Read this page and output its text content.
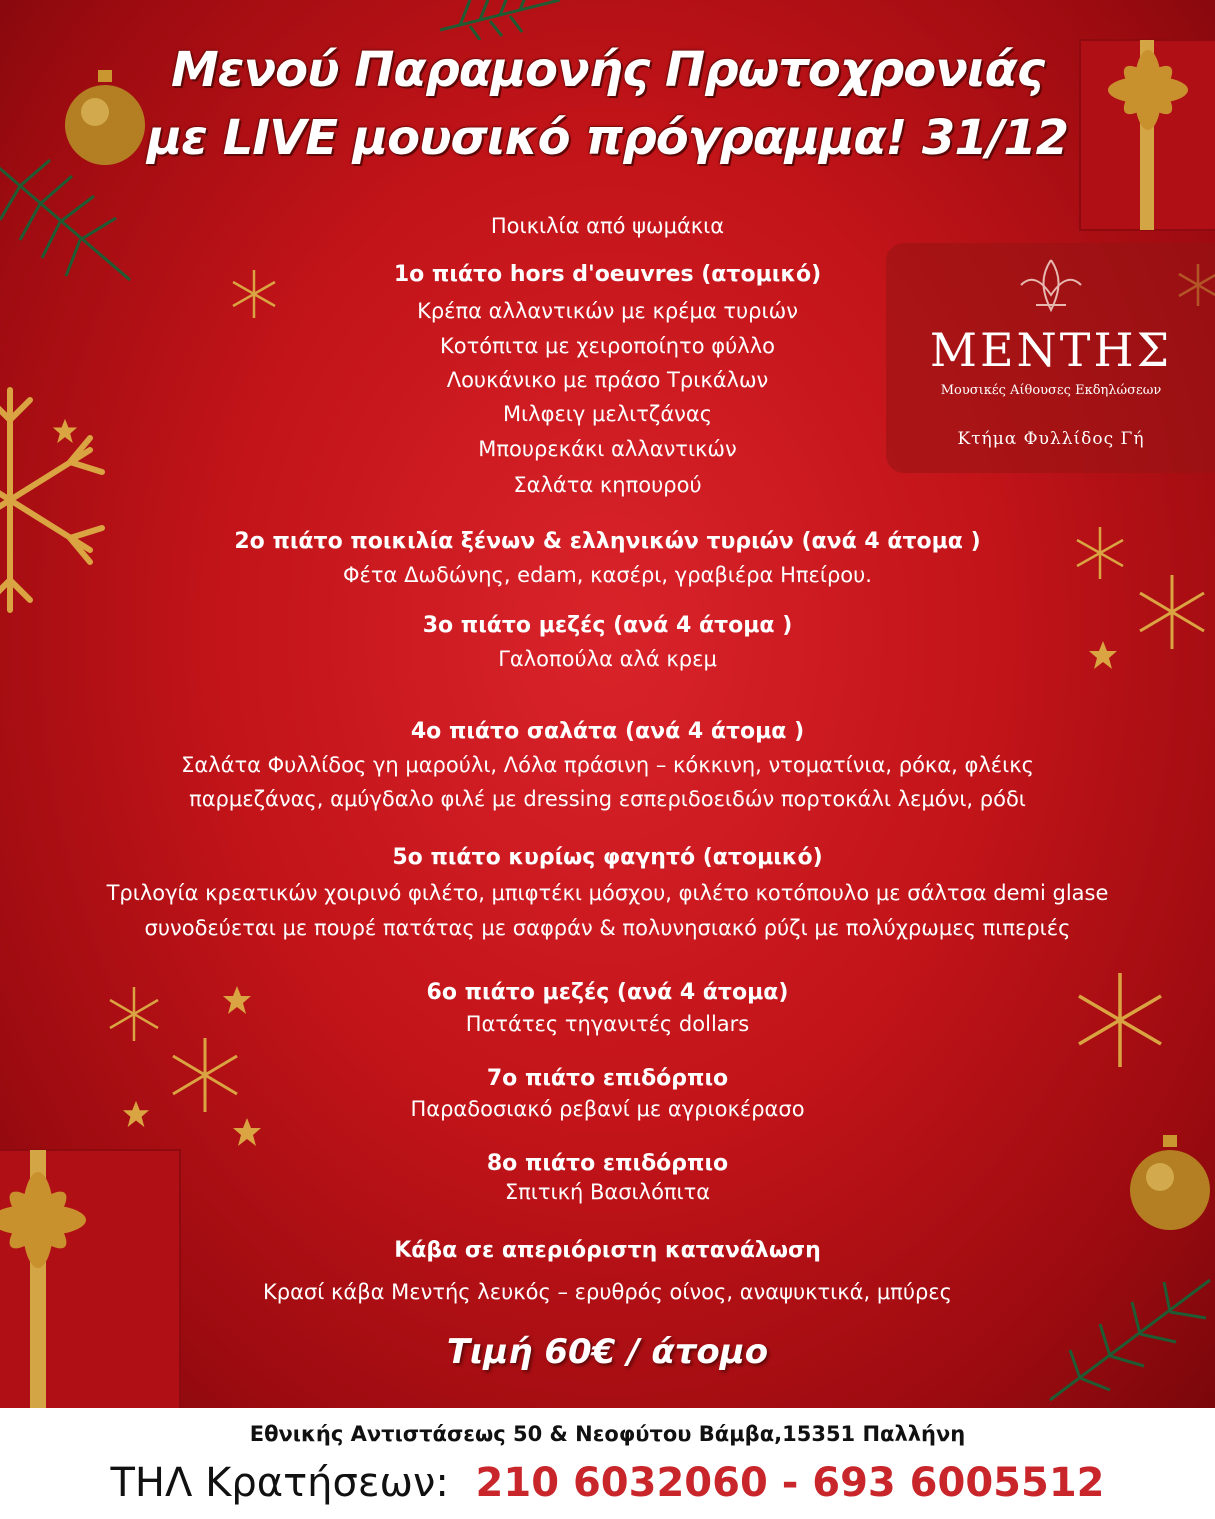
Μενού Παραμονής Πρωτοχρονιάς
με LIVE μουσικό πρόγραμμα! 31/12
ΜΕΝΤΗΣ
Μουσικές Αίθουσες Εκδηλώσεων
Κτήμα Φυλλίδος Γή
Ποικιλία από ψωμάκια
1ο πιάτο hors d'oeuvres (ατομικό)
Κρέπα αλλαντικών με κρέμα τυριών
Κοτόπιτα με χειροποίητο φύλλο
Λουκάνικο με πράσο Τρικάλων
Μιλφειγ μελιτζάνας
Μπουρεκάκι αλλαντικών
Σαλάτα κηπουρού
2ο πιάτο ποικιλία ξένων & ελληνικών τυριών (ανά 4 άτομα )
Φέτα Δωδώνης, edam, κασέρι, γραβιέρα Ηπείρου.
3ο πιάτο μεζές (ανά 4 άτομα )
Γαλοπούλα αλά κρεμ
4ο πιάτο σαλάτα (ανά 4 άτομα )
Σαλάτα Φυλλίδος γη μαρούλι, Λόλα πράσινη – κόκκινη, ντοματίνια, ρόκα, φλέικς
παρμεζάνας, αμύγδαλο φιλέ με dressing εσπεριδοειδών πορτοκάλι λεμόνι, ρόδι
5ο πιάτο κυρίως φαγητό (ατομικό)
Τριλογία κρεατικών χοιρινό φιλέτο, μπιφτέκι μόσχου, φιλέτο κοτόπουλο με σάλτσα demi glase
συνοδεύεται με πουρέ πατάτας με σαφράν & πολυνησιακό ρύζι με πολύχρωμες πιπεριές
6ο πιάτο μεζές (ανά 4 άτομα)
Πατάτες τηγανιτές dollars
7ο πιάτο επιδόρπιο
Παραδοσιακό ρεβανί με αγριοκέρασο
8ο πιάτο επιδόρπιο
Σπιτική Βασιλόπιτα
Κάβα σε απεριόριστη κατανάλωση
Κρασί κάβα Μεντής λευκός – ερυθρός οίνος, αναψυκτικά, μπύρες
Τιμή 60€ / άτομο
Εθνικής Αντιστάσεως 50 & Νεοφύτου Βάμβα,15351 Παλλήνη
ΤΗΛ Κρατήσεων: 210 6032060 - 693 6005512
